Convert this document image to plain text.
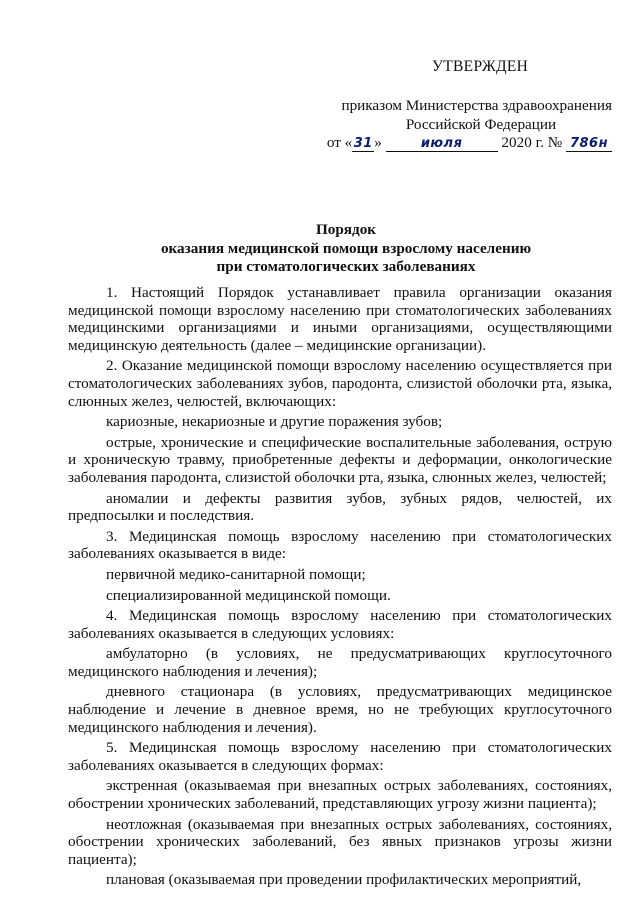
УТВЕРЖДЕН
приказом Министерства здравоохранения
Российской Федерации
от «31»	июля	2020 г. № 786н
Порядок
оказания медицинской помощи взрослому населению
при стоматологических заболеваниях

1. Настоящий Порядок устанавливает правила организации оказания медицинской помощи взрослому населению при стоматологических заболеваниях медицинскими организациями и иными организациями, осуществляющими медицинскую деятельность (далее – медицинские организации).

2. Оказание медицинской помощи взрослому населению осуществляется при стоматологических заболеваниях зубов, пародонта, слизистой оболочки рта, языка, слюнных желез, челюстей, включающих:

кариозные, некариозные и другие поражения зубов;

острые, хронические и специфические воспалительные заболевания, острую и хроническую травму, приобретенные дефекты и деформации, онкологические заболевания пародонта, слизистой оболочки рта, языка, слюнных желез, челюстей;

аномалии и дефекты развития зубов, зубных рядов, челюстей, их предпосылки и последствия.

3. Медицинская помощь взрослому населению при стоматологических заболеваниях оказывается в виде:

первичной медико-санитарной помощи;

специализированной медицинской помощи.

4. Медицинская помощь взрослому населению при стоматологических заболеваниях оказывается в следующих условиях:

амбулаторно (в условиях, не предусматривающих круглосуточного медицинского наблюдения и лечения);

дневного стационара (в условиях, предусматривающих медицинское наблюдение и лечение в дневное время, но не требующих круглосуточного медицинского наблюдения и лечения).

5. Медицинская помощь взрослому населению при стоматологических заболеваниях оказывается в следующих формах:

экстренная (оказываемая при внезапных острых заболеваниях, состояниях, обострении хронических заболеваний, представляющих угрозу жизни пациента);

неотложная (оказываемая при внезапных острых заболеваниях, состояниях, обострении хронических заболеваний, без явных признаков угрозы жизни пациента);

плановая (оказываемая при проведении профилактических мероприятий,
